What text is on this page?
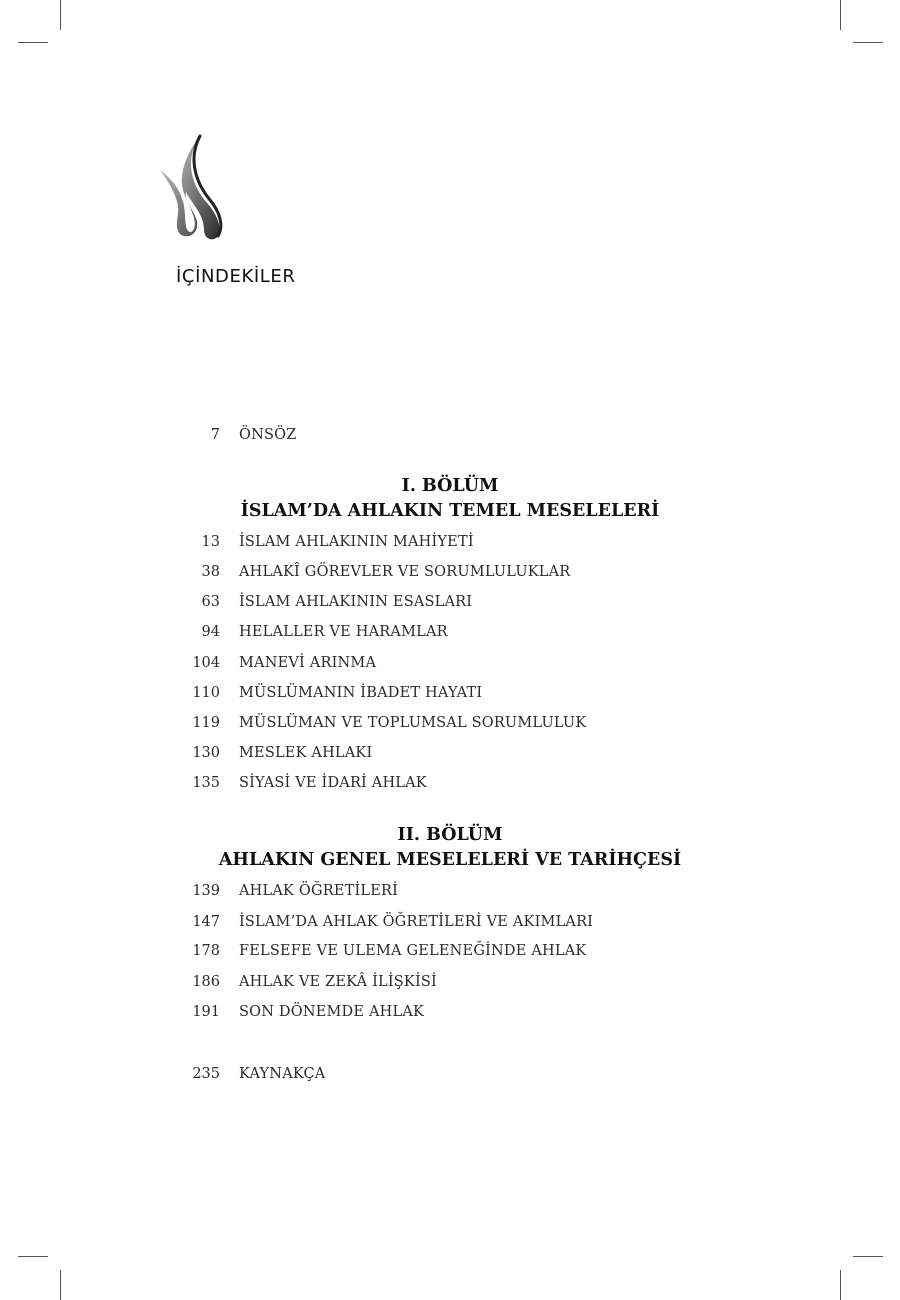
İÇİNDEKİLER
7 ÖNSÖZ
I. BÖLÜM
İSLAM’DA AHLAKIN TEMEL MESELELERİ
13 İSLAM AHLAKININ MAHİYETİ
38 AHLAKÎ GÖREVLER VE SORUMLULUKLAR
63 İSLAM AHLAKININ ESASLARI
94 HELALLER VE HARAMLAR
104 MANEVİ ARINMA
110 MÜSLÜMANIN İBADET HAYATI
119 MÜSLÜMAN VE TOPLUMSAL SORUMLULUK
130 MESLEK AHLAKI
135 SİYASİ VE İDARİ AHLAK
II. BÖLÜM
AHLAKIN GENEL MESELELERİ VE TARİHÇESİ
139 AHLAK ÖĞRETİLERİ
147 İSLAM’DA AHLAK ÖĞRETİLERİ VE AKIMLARI
178 FELSEFE VE ULEMA GELENEĞİNDE AHLAK
186 AHLAK VE ZEKÂ İLİŞKİSİ
191 SON DÖNEMDE AHLAK
235 KAYNAKÇA
